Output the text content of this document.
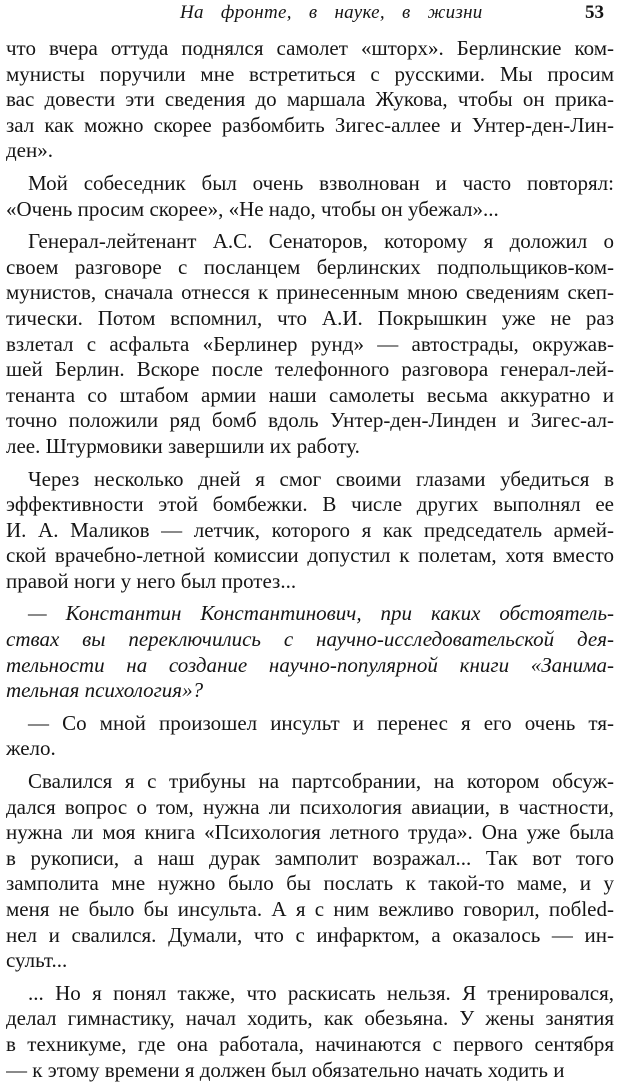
На фронте, в науке, в жизни	53
что вчера оттуда поднялся самолет «шторх». Берлинские ком-
мунисты поручили мне встретиться с русскими. Мы просим
вас довести эти сведения до маршала Жукова, чтобы он прика-
зал как можно скорее разбомбить Зигес-аллее и Унтер-ден-Лин-
ден».
Мой собеседник был очень взволнован и часто повторял:
«Очень просим скорее», «Не надо, чтобы он убежал»...
Генерал-лейтенант А.С. Сенаторов, которому я доложил о
своем разговоре с посланцем берлинских подпольщиков-ком-
мунистов, сначала отнесся к принесенным мною сведениям скеп-
тически. Потом вспомнил, что А.И. Покрышкин уже не раз
взлетал с асфальта «Берлинер рунд» — автострады, окружав-
шей Берлин. Вскоре после телефонного разговора генерал-лей-
тенанта со штабом армии наши самолеты весьма аккуратно и
точно положили ряд бомб вдоль Унтер-ден-Линден и Зигес-ал-
лее. Штурмовики завершили их работу.
Через несколько дней я смог своими глазами убедиться в
эффективности этой бомбежки. В числе других выполнял ее
И. А. Маликов — летчик, которого я как председатель армей-
ской врачебно-летной комиссии допустил к полетам, хотя вместо
правой ноги у него был протез...
— Константин Константинович, при каких обстоятель-
ствах вы переключились с научно-исследовательской дея-
тельности на создание научно-популярной книги «Занима-
тельная психология»?
— Со мной произошел инсульт и перенес я его очень тя-
жело.
Свалился я с трибуны на партсобрании, на котором обсуж-
дался вопрос о том, нужна ли психология авиации, в частности,
нужна ли моя книга «Психология летного труда». Она уже была
в рукописи, а наш дурак замполит возражал... Так вот того
замполита мне нужно было бы послать к такой-то маме, и у
меня не было бы инсульта. А я с ним вежливо говорил, побled-
нел и свалился. Думали, что с инфарктом, а оказалось — ин-
сульт...
... Но я понял также, что раскисать нельзя. Я тренировался,
делал гимнастику, начал ходить, как обезьяна. У жены занятия
в техникуме, где она работала, начинаются с первого сентября
— к этому времени я должен был обязательно начать ходить и
